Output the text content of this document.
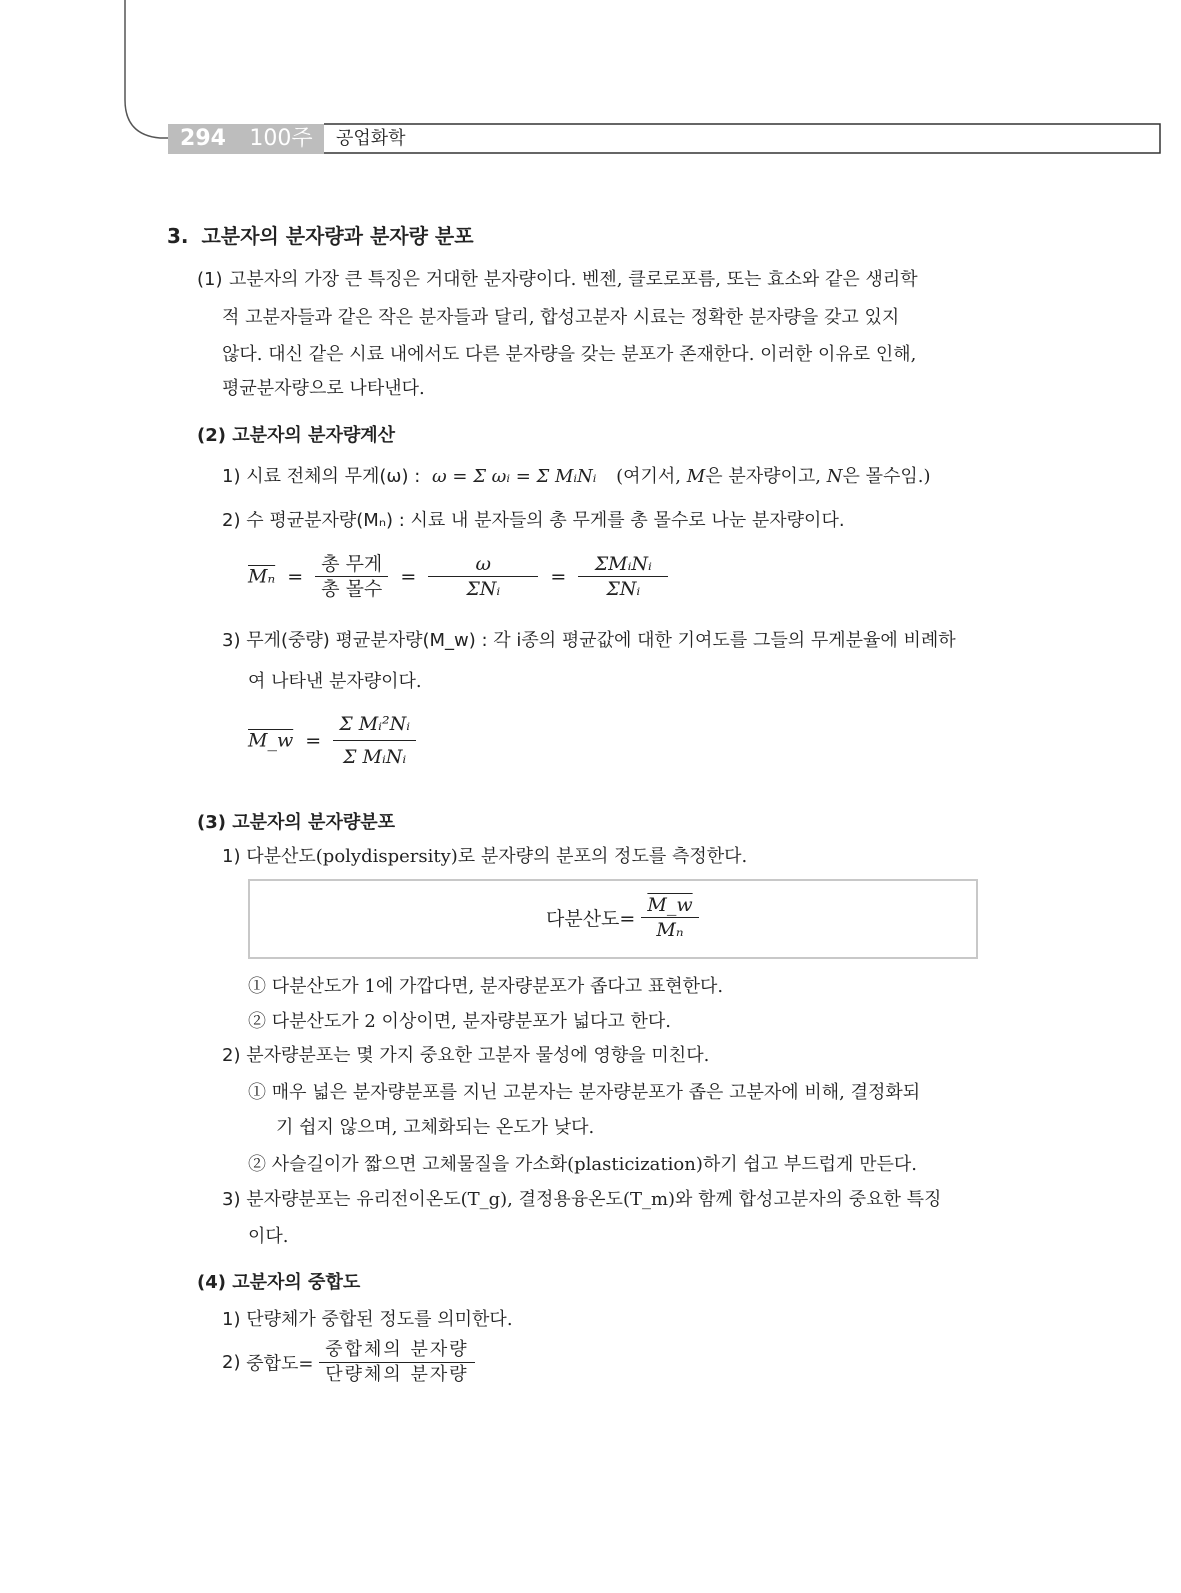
294	100주	공업화학
3. 고분자의 분자량과 분자량 분포
(1) 고분자의 가장 큰 특징은 거대한 분자량이다. 벤젠, 클로로포름, 또는 효소와 같은 생리학
적 고분자들과 같은 작은 분자들과 달리, 합성고분자 시료는 정확한 분자량을 갖고 있지
않다. 대신 같은 시료 내에서도 다른 분자량을 갖는 분포가 존재한다. 이러한 이유로 인해,
평균분자량으로 나타낸다.
(2) 고분자의 분자량계산
1) 시료 전체의 무게(ω) : ω = Σ ωᵢ = Σ MᵢNᵢ (여기서, M은 분자량이고, N은 몰수임.)
2) 수 평균분자량(Mₙ) : 시료 내 분자들의 총 무게를 총 몰수로 나눈 분자량이다.
$\overline{M_n} = \frac{\text{총 무게}}{\text{총 몰수}} = \frac{\omega}{\text{ΣNᵢ}} = \frac{\text{ΣMᵢNᵢ}}{\text{ΣNᵢ}}$
3) 무게(중량) 평균분자량(M_w) : 각 i종의 평균값에 대한 기여도를 그들의 무게분율에 비례하
여 나타낸 분자량이다.
M_w = $\frac{\text{Σ Mᵢ²Nᵢ}}{\text{Σ MᵢNᵢ}}$
(3) 고분자의 분자량분포
1) 다분산도(polydispersity)로 분자량의 분포의 정도를 측정한다.
다분산도= $\frac{M\_w}{\text{Mₙ}}$
① 다분산도가 1에 가깝다면, 분자량분포가 좁다고 표현한다.
② 다분산도가 2 이상이면, 분자량분포가 넓다고 한다.
2) 분자량분포는 몇 가지 중요한 고분자 물성에 영향을 미친다.
① 매우 넓은 분자량분포를 지닌 고분자는 분자량분포가 좁은 고분자에 비해, 결정화되
기 쉽지 않으며, 고체화되는 온도가 낮다.
② 사슬길이가 짧으면 고체물질을 가소화(plasticization)하기 쉽고 부드럽게 만든다.
3) 분자량분포는 유리전이온도(T_g), 결정용융온도(T_m)와 함께 합성고분자의 중요한 특징
이다.
(4) 고분자의 중합도
1) 단량체가 중합된 정도를 의미한다.
2) 중합도= $\frac{\text{중합체의 분자량}}{\text{단량체의 분자량}}$
